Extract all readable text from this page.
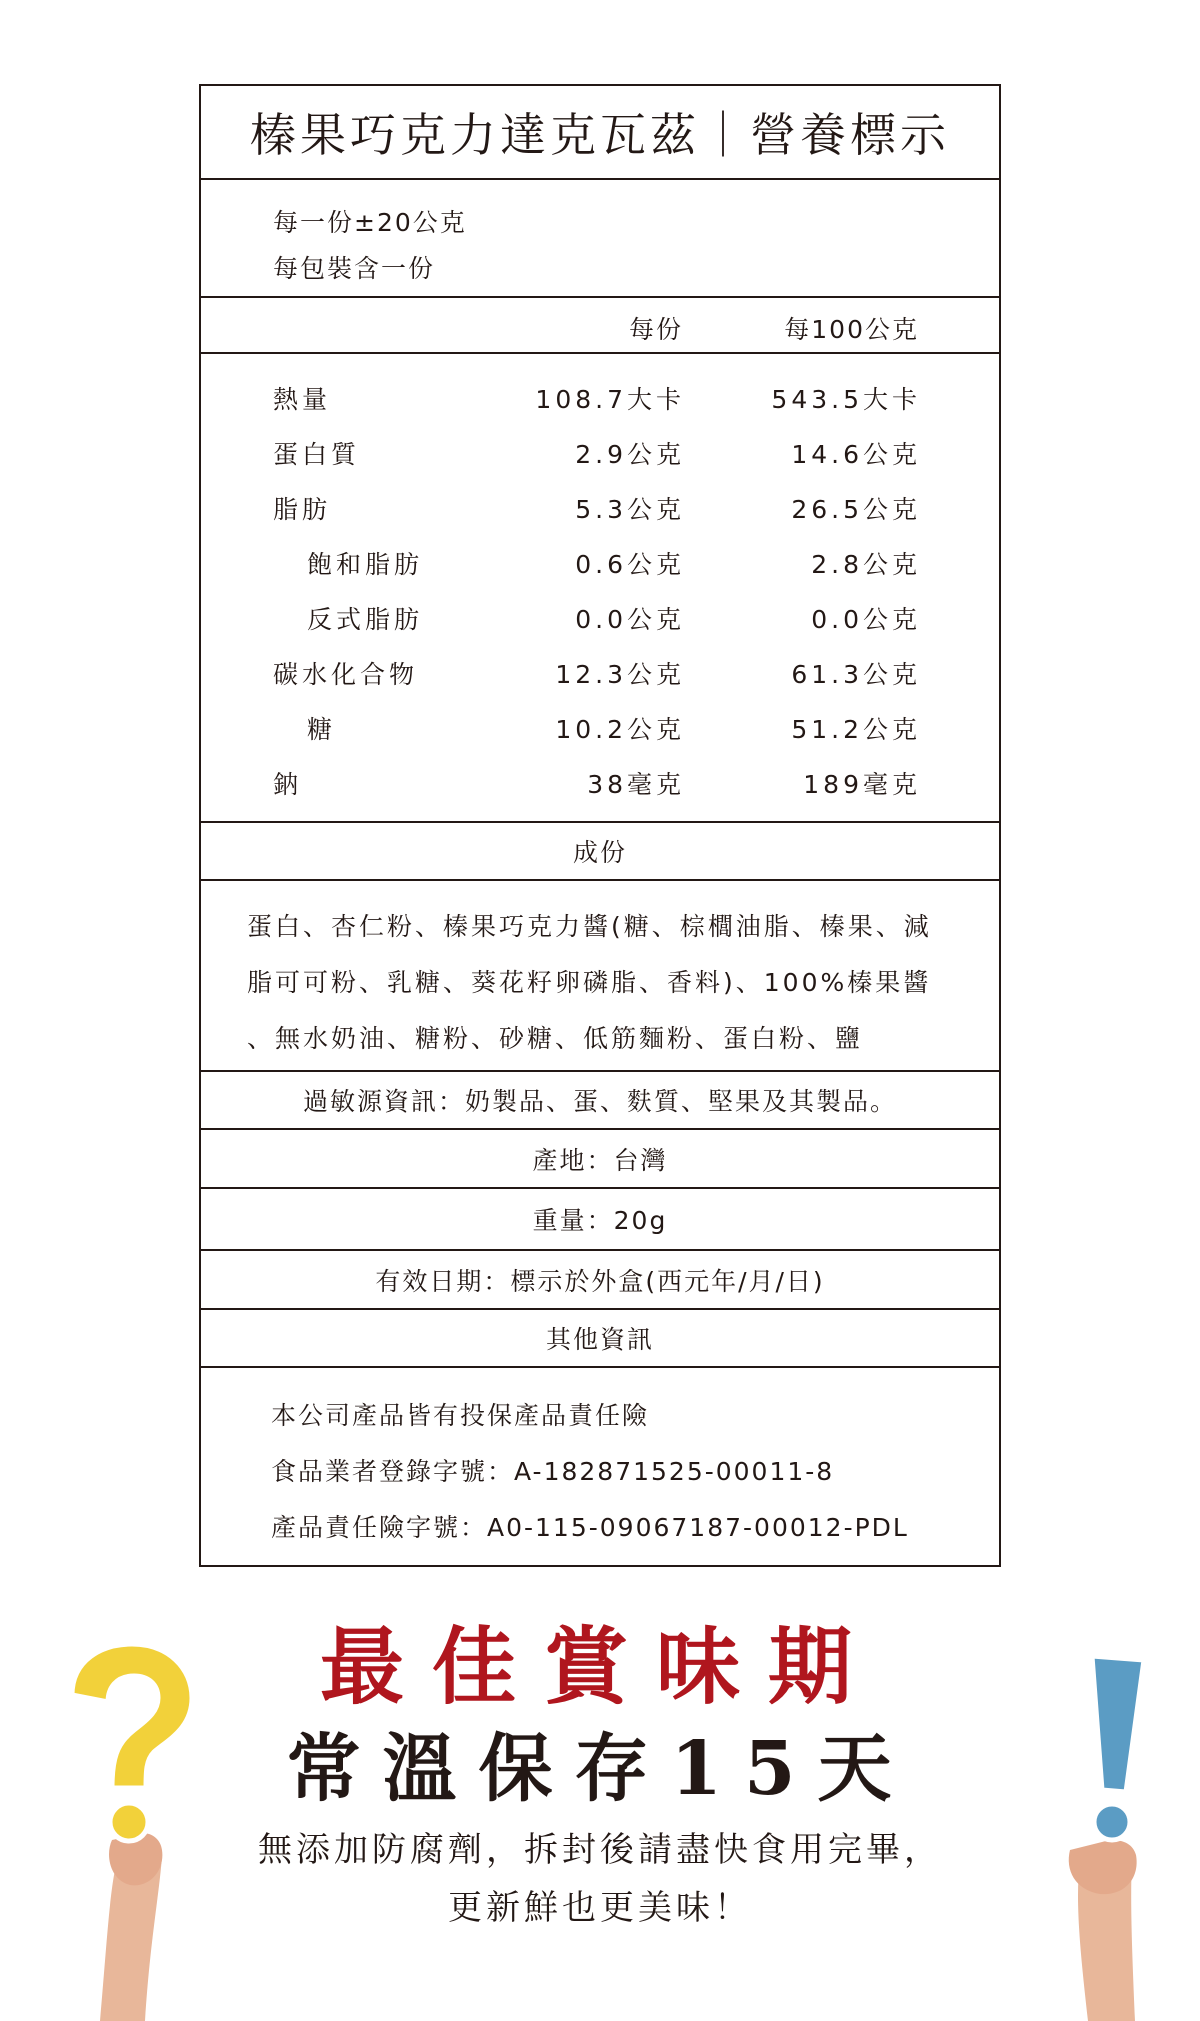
榛果巧克力達克瓦茲｜營養標示
每一份±20公克
每包裝含一份
每份	每100公克
熱量	108.7大卡	543.5大卡
蛋白質	2.9公克	14.6公克
脂肪	5.3公克	26.5公克
飽和脂肪	0.6公克	2.8公克
反式脂肪	0.0公克	0.0公克
碳水化合物	12.3公克	61.3公克
糖	10.2公克	51.2公克
鈉	38毫克	189毫克
成份
蛋白、杏仁粉、榛果巧克力醬(糖、棕櫚油脂、榛果、減
脂可可粉、乳糖、葵花籽卵磷脂、香料)、100%榛果醬
、無水奶油、糖粉、砂糖、低筋麵粉、蛋白粉、鹽
過敏源資訊：奶製品、蛋、麩質、堅果及其製品。
產地：台灣
重量：20g
有效日期：標示於外盒(西元年/月/日)
其他資訊
本公司產品皆有投保產品責任險
食品業者登錄字號：A-182871525-00011-8
產品責任險字號：A0-115-09067187-00012-PDL
最佳賞味期
常溫保存15天
無添加防腐劑，拆封後請盡快食用完畢，
更新鮮也更美味！
